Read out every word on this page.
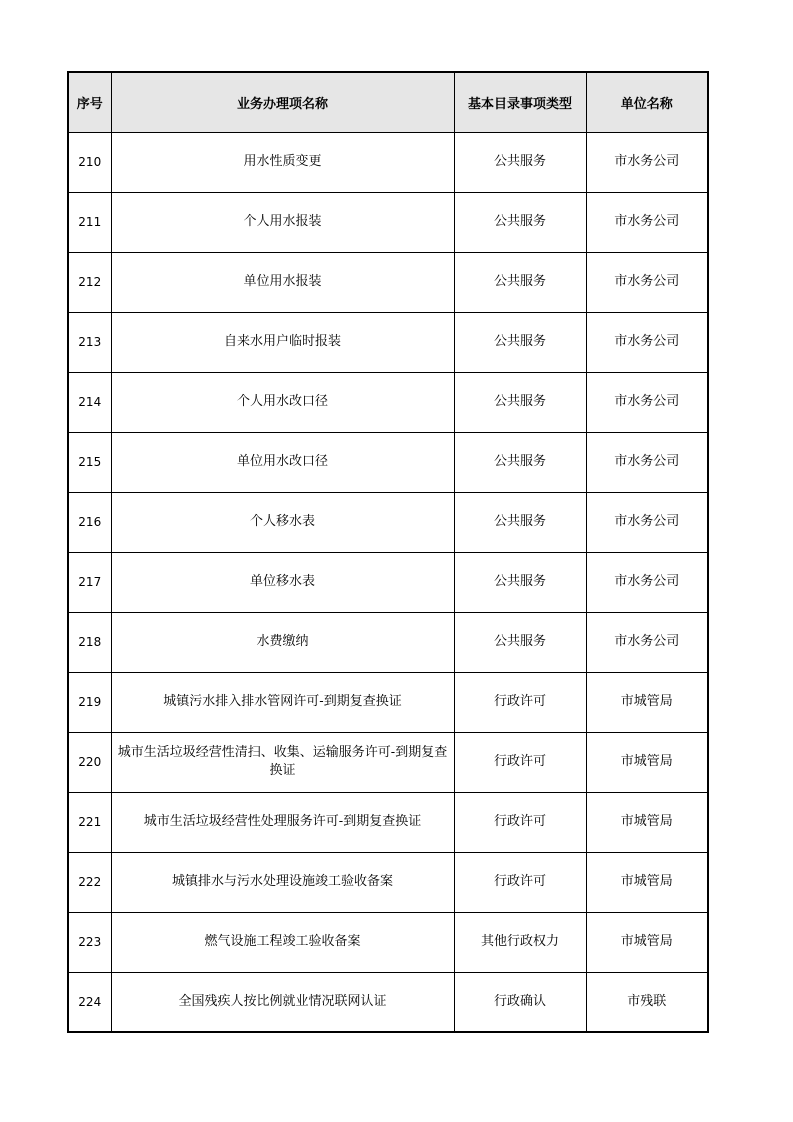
序号	业务办理项名称	基本目录事项类型	单位名称
210	用水性质变更	公共服务	市水务公司
211	个人用水报装	公共服务	市水务公司
212	单位用水报装	公共服务	市水务公司
213	自来水用户临时报装	公共服务	市水务公司
214	个人用水改口径	公共服务	市水务公司
215	单位用水改口径	公共服务	市水务公司
216	个人移水表	公共服务	市水务公司
217	单位移水表	公共服务	市水务公司
218	水费缴纳	公共服务	市水务公司
219	城镇污水排入排水管网许可-到期复查换证	行政许可	市城管局
220	城市生活垃圾经营性清扫、收集、运输服务许可-到期复查换证	行政许可	市城管局
221	城市生活垃圾经营性处理服务许可-到期复查换证	行政许可	市城管局
222	城镇排水与污水处理设施竣工验收备案	行政许可	市城管局
223	燃气设施工程竣工验收备案	其他行政权力	市城管局
224	全国残疾人按比例就业情况联网认证	行政确认	市残联
